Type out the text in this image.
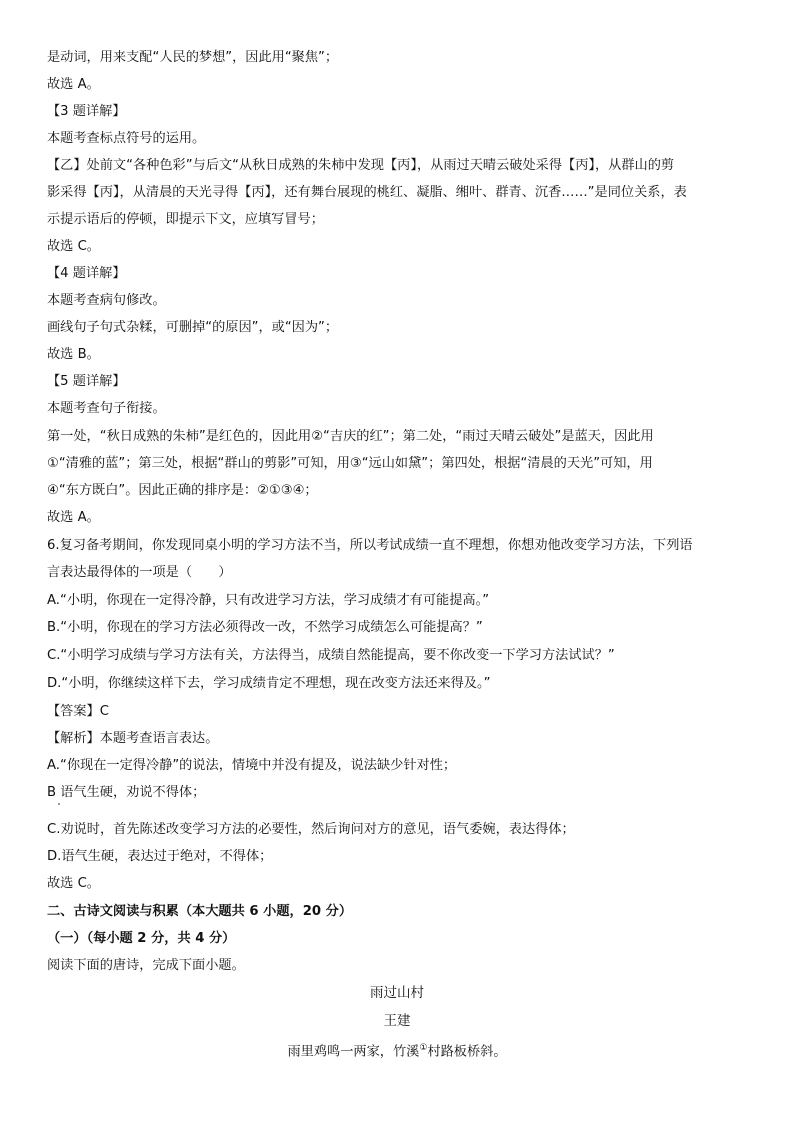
是动词，用来支配“人民的梦想”，因此用“聚焦”；
故选 A。
【3 题详解】
本题考查标点符号的运用。
【乙】处前文“各种色彩”与后文“从秋日成熟的朱柿中发现【丙】，从雨过天晴云破处采得【丙】，从群山的剪
影采得【丙】，从清晨的天光寻得【丙】，还有舞台展现的桃红、凝脂、缃叶、群青、沉香……”是同位关系，表
示提示语后的停顿，即提示下文，应填写冒号；
故选 C。
【4 题详解】
本题考查病句修改。
画线句子句式杂糅，可删掉“的原因”，或“因为”；
故选 B。
【5 题详解】
本题考查句子衔接。
第一处，“秋日成熟的朱柿”是红色的，因此用②“吉庆的红”；第二处，“雨过天晴云破处”是蓝天，因此用
①“清雅的蓝”；第三处，根据“群山的剪影”可知，用③“远山如黛”；第四处，根据“清晨的天光”可知，用
④“东方既白”。因此正确的排序是：②①③④；
故选 A。
6.复习备考期间，你发现同桌小明的学习方法不当，所以考试成绩一直不理想，你想劝他改变学习方法，下列语
言表达最得体的一项是（　　）
A.“小明，你现在一定得冷静，只有改进学习方法，学习成绩才有可能提高。”
B.“小明，你现在的学习方法必须得改一改，不然学习成绩怎么可能提高？”
C.“小明学习成绩与学习方法有关，方法得当，成绩自然能提高，要不你改变一下学习方法试试？”
D.“小明，你继续这样下去，学习成绩肯定不理想，现在改变方法还来得及。”
【答案】C
【解析】本题考查语言表达。
A.“你现在一定得冷静”的说法，情境中并没有提及，说法缺少针对性；
B 语气生硬，劝说不得体；
C.劝说时，首先陈述改变学习方法的必要性，然后询问对方的意见，语气委婉，表达得体；
D.语气生硬，表达过于绝对，不得体；
故选 C。
二、古诗文阅读与积累（本大题共 6 小题，20 分）
（一）（每小题 2 分，共 4 分）
阅读下面的唐诗，完成下面小题。
雨过山村
王建
雨里鸡鸣一两家，竹溪①村路板桥斜。
